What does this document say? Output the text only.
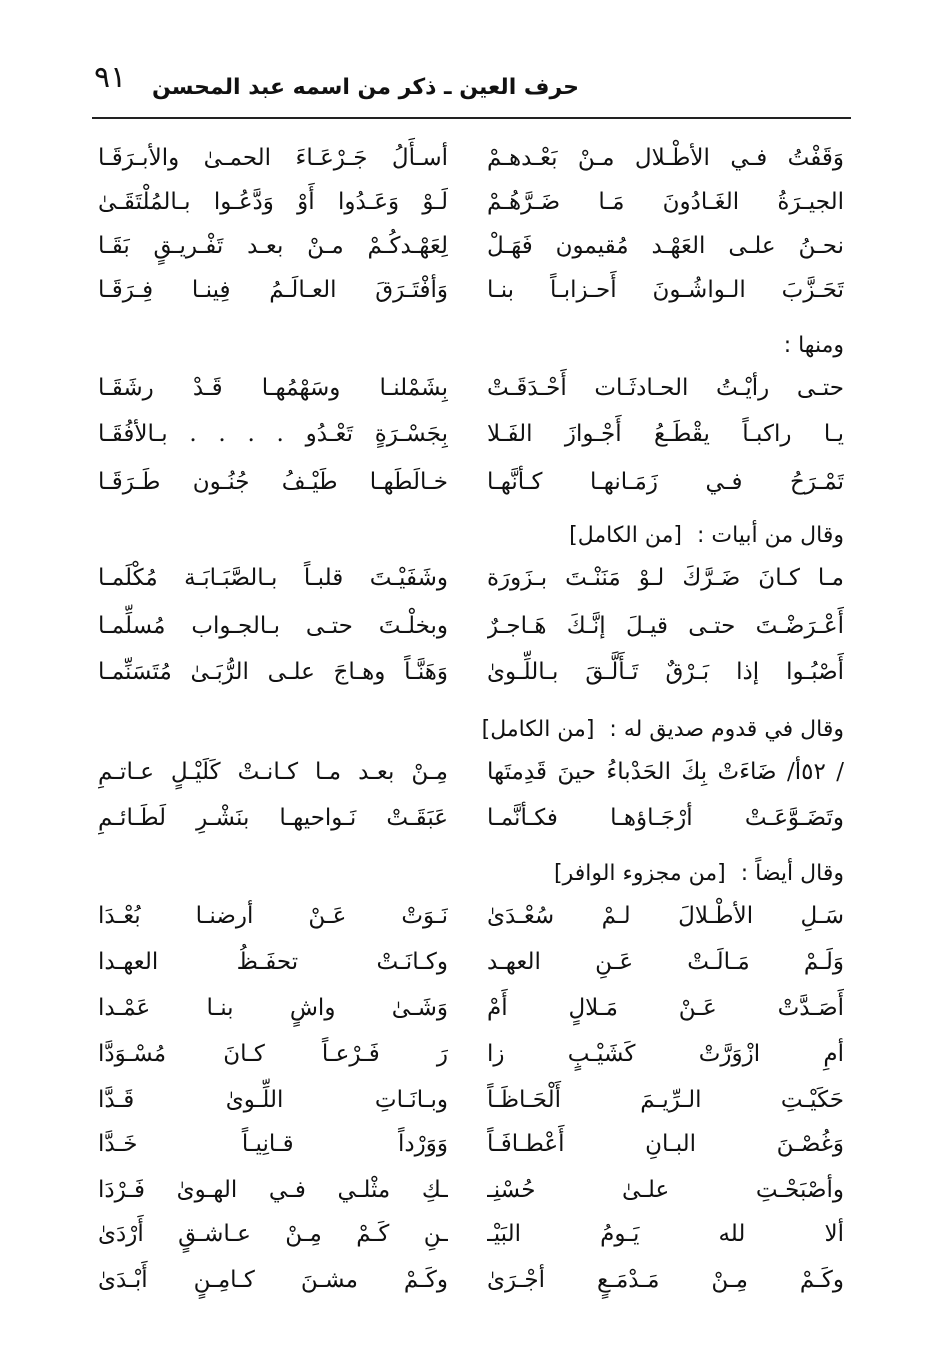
٩١	حرف العين ـ ذكر من اسمه عبد المحسن
وَقَفْتُ فـي الأطْـلال مـنْ بَعْـدهـمْ
أسـأَلُ جَـرْعَـاءَ الحمـىٰ والأبـرَقَـا
الجيـرَةُ الغَـادُونَ مَـا ضَـرَّهُـمْ
لَـوْ وَعَـدُوا أَوْ وَدَّعُـوا بـالمُلْتَقَـىٰ
نحـنُ علـى العَهْـد مُقيمون فَهَـلْ
لِعَهْـدكُـمْ مـنْ بعـد تَفْـريـقٍ بَقَـا
تَحَـزَّبَ الـواشُـونَ أَحـزابـاً بنـا
وَأفْتَـرَقَ العـالَـمُ فِينـا فِـرَقَـا
ومنها :
حتـى رأيْـتُ الحـادثَـات أَحْـدَقَـتْ
بِشَمْلنـا وسَهْمُهـا قَـدْ رشَقَـا
يـا راكبـاً يقْطَـعُ أَجْـوازَ الفَـلا
بِجَسْـرَةٍ تَعْـدُو . . . . بـالأفُقَـا
تَمْـرَحُ فـي زَمَـانهـا كـأنَّهـا
خـالَطَهـا طَيْـفُ جُنُـون طَـرَقَـا
وقال من أبيات : [من الكامل]
مـا كـانَ ضَـرَّكَ لـوْ مَنَنْـتَ بـزَورَة
وشَفَيْـتَ قلبـاً بـالصَّبَـابَـة مُكْلَمـا
أَعْـرَضْـتَ حتـى قيـلَ إنَّـكَ هَـاجـرٌ
وبخلْـتَ حتـى بـالجـواب مُسلِّمـا
أَصْبُـوا إذا بَـرْقٌ تَـأَلَّـقَ بـاللِّـوىٰ
وَهَنَّـاً وهـاجَ علـى الرُّبَـىٰ مُتَسَنِّمـا
وقال في قدوم صديق له : [من الكامل]
/ ٥٢أ/ ضَاءَتْ بِكَ الحَدْباءُ حينَ قَدِمتَها
مِـنْ بعـد مـا كـانـتْ كَلَيْـلٍ عـاتـمِ
وتَضَـوَّعَـتْ أرْجَـاؤهـا فكـأنَّمـا
عَبَقَـتْ نَـواحيهـا بنَشْـرِ لَطَـائـمِ
وقال أيضاً : [من مجزوء الوافر]
سَـلِ الأطْـلالَ لـمْ سُعْـدَىٰ
نَـوَتْ عَـنْ أرضنـا بُعْـدَا
وَلَـمْ مَـالَـتْ عَـنِ العهـد
وكـانَـتْ تحفَـظُ العهـدا
أَصَـدَّتْ عَـنْ مَـلالٍ أَمْ
وَشَـىٰ واشٍ بنـا عَمْـدا
أمِ ازْوَرَّتْ كَشَيْـبٍ زا
رَ فَـرْعـاً كـانَ مُسْـوَدَّا
حَكَيْـتِ الـرِّيـمَ أَلْحَـاظَـاً
وبـانَـاتِ اللِّـوىٰ قَـدَّا
وَغُصْـنَ البـانِ أَعْطـافَـاً
وَوَرْداً قـانِيـاً خَـدَّا
وأصْبَحْـتِ علـىٰ حُسْنِـ
ـكِ مثْلـي فـي الهـوىٰ فَـرْدَا
ألا لله يَـومُ البَيْـ
ـنِ كَـمْ مِـنْ عـاشـقٍ أَرْدَىٰ
وكَـمْ مِـنْ مَـدْمَـعٍ أجْـرَىٰ
وكَـمْ مشـنَ كـامِـنٍ أَبْـدَىٰ
